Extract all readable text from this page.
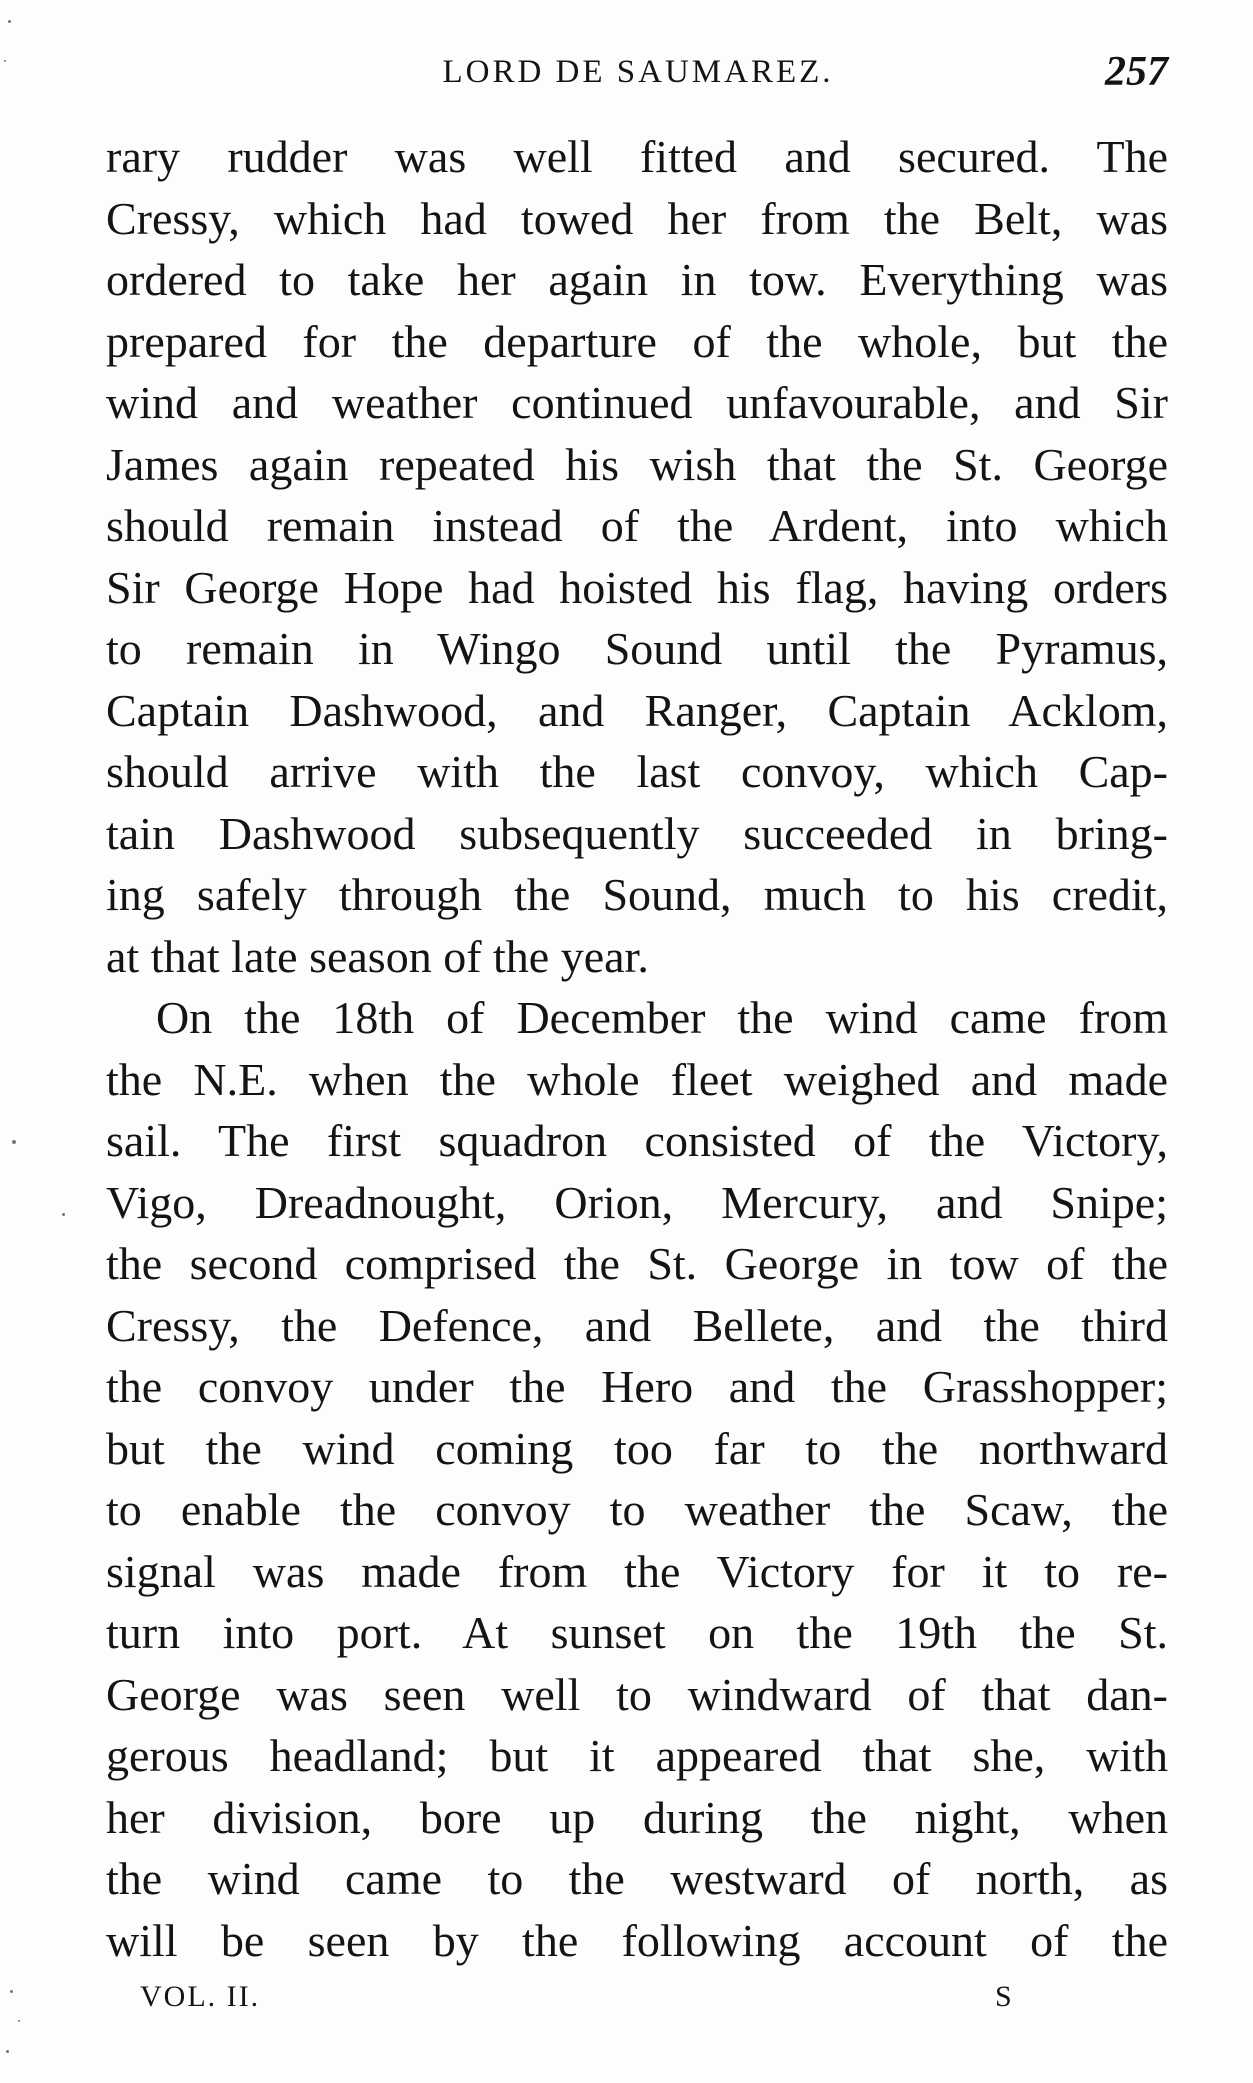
LORD DE SAUMAREZ.	257
rary rudder was well fitted and secured. The
Cressy, which had towed her from the Belt, was
ordered to take her again in tow. Everything was
prepared for the departure of the whole, but the
wind and weather continued unfavourable, and Sir
James again repeated his wish that the St. George
should remain instead of the Ardent, into which
Sir George Hope had hoisted his flag, having orders
to remain in Wingo Sound until the Pyramus,
Captain Dashwood, and Ranger, Captain Acklom,
should arrive with the last convoy, which Cap-
tain Dashwood subsequently succeeded in bring-
ing safely through the Sound, much to his credit,
at that late season of the year.
On the 18th of December the wind came from
the N.E. when the whole fleet weighed and made
sail. The first squadron consisted of the Victory,
Vigo, Dreadnought, Orion, Mercury, and Snipe;
the second comprised the St. George in tow of the
Cressy, the Defence, and Bellete, and the third
the convoy under the Hero and the Grasshopper;
but the wind coming too far to the northward
to enable the convoy to weather the Scaw, the
signal was made from the Victory for it to re-
turn into port. At sunset on the 19th the St.
George was seen well to windward of that dan-
gerous headland; but it appeared that she, with
her division, bore up during the night, when
the wind came to the westward of north, as
will be seen by the following account of the
VOL. II.	S
